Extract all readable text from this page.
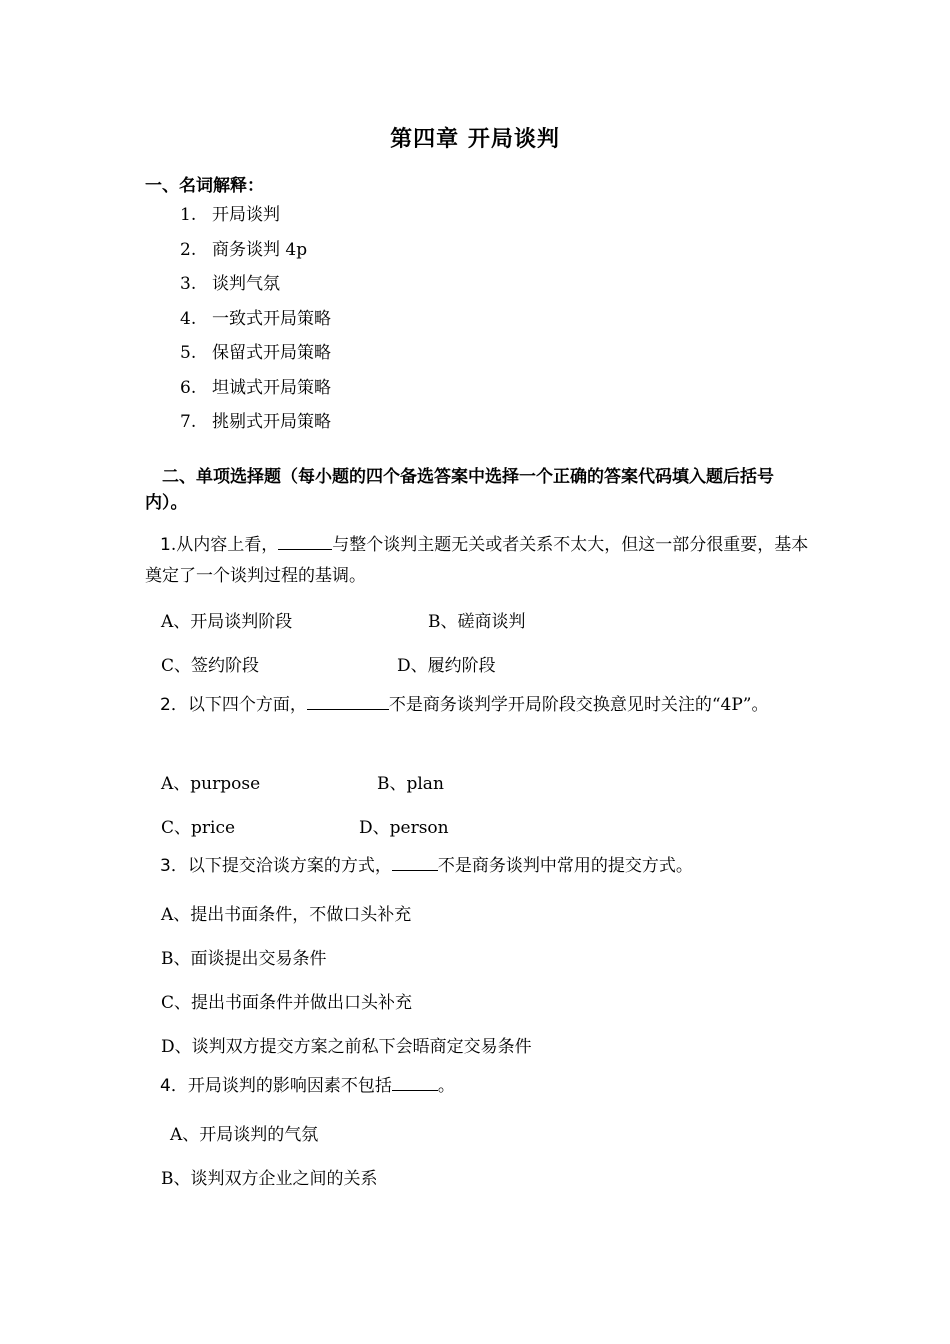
第四章 开局谈判
一、名词解释：
1. 开局谈判
2. 商务谈判 4p
3. 谈判气氛
4. 一致式开局策略
5. 保留式开局策略
6. 坦诚式开局策略
7. 挑剔式开局策略
二、单项选择题（每小题的四个备选答案中选择一个正确的答案代码填入题后括号内）。
1.从内容上看，	与整个谈判主题无关或者关系不太大，但这一部分很重要，基本奠定了一个谈判过程的基调。
A、开局谈判阶段	B、磋商谈判
C、签约阶段	D、履约阶段
2．以下四个方面，	不是商务谈判学开局阶段交换意见时关注的“4P”。
A、purpose	B、plan
C、price	D、person
3．以下提交洽谈方案的方式，	不是商务谈判中常用的提交方式。
A、提出书面条件，不做口头补充
B、面谈提出交易条件
C、提出书面条件并做出口头补充
D、谈判双方提交方案之前私下会晤商定交易条件
4．开局谈判的影响因素不包括	。
A、开局谈判的气氛
B、谈判双方企业之间的关系
